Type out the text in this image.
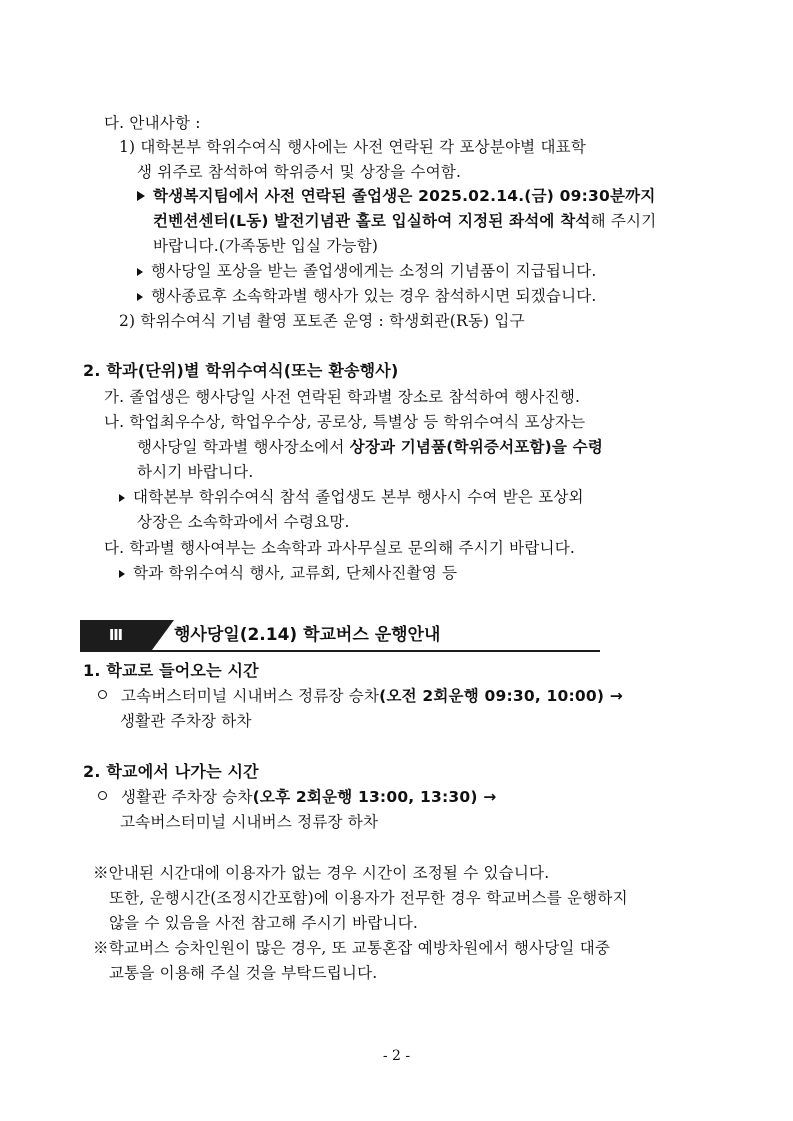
다. 안내사항 :
1) 대학본부 학위수여식 행사에는 사전 연락된 각 포상분야별 대표학
생 위주로 참석하여 학위증서 및 상장을 수여함.
학생복지팀에서 사전 연락된 졸업생은 2025.02.14.(금) 09:30분까지
컨벤션센터(L동) 발전기념관 홀로 입실하여 지정된 좌석에 착석해 주시기
바랍니다.(가족동반 입실 가능함)
행사당일 포상을 받는 졸업생에게는 소정의 기념품이 지급됩니다.
행사종료후 소속학과별 행사가 있는 경우 참석하시면 되겠습니다.
2) 학위수여식 기념 촬영 포토존 운영 : 학생회관(R동) 입구
2. 학과(단위)별 학위수여식(또는 환송행사)
가. 졸업생은 행사당일 사전 연락된 학과별 장소로 참석하여 행사진행.
나. 학업최우수상, 학업우수상, 공로상, 특별상 등 학위수여식 포상자는
행사당일 학과별 행사장소에서 상장과 기념품(학위증서포함)을 수령
하시기 바랍니다.
대학본부 학위수여식 참석 졸업생도 본부 행사시 수여 받은 포상외
상장은 소속학과에서 수령요망.
다. 학과별 행사여부는 소속학과 과사무실로 문의해 주시기 바랍니다.
학과 학위수여식 행사, 교류회, 단체사진촬영 등
Ⅲ	행사당일(2.14) 학교버스 운행안내
1. 학교로 들어오는 시간
고속버스터미널 시내버스 정류장 승차(오전 2회운행 09:30, 10:00) →
생활관 주차장 하차
2. 학교에서 나가는 시간
생활관 주차장 승차(오후 2회운행 13:00, 13:30) →
고속버스터미널 시내버스 정류장 하차
※안내된 시간대에 이용자가 없는 경우 시간이 조정될 수 있습니다.
또한, 운행시간(조정시간포함)에 이용자가 전무한 경우 학교버스를 운행하지
않을 수 있음을 사전 참고해 주시기 바랍니다.
※학교버스 승차인원이 많은 경우, 또 교통혼잡 예방차원에서 행사당일 대중
교통을 이용해 주실 것을 부탁드립니다.
- 2 -
